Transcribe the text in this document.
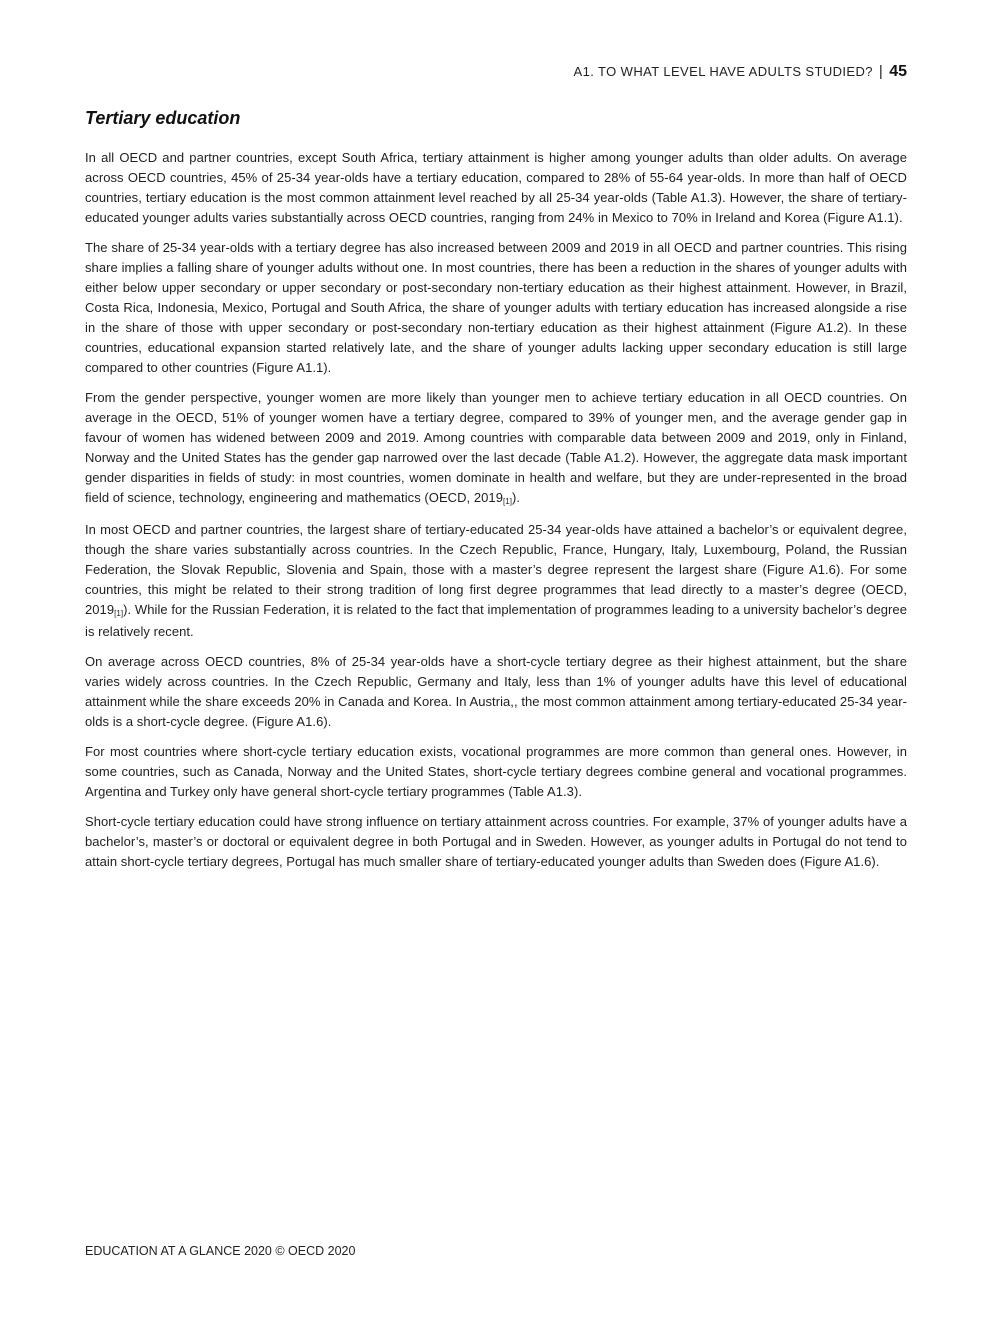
A1. TO WHAT LEVEL HAVE ADULTS STUDIED? | 45
Tertiary education

In all OECD and partner countries, except South Africa, tertiary attainment is higher among younger adults than older adults. On average across OECD countries, 45% of 25-34 year-olds have a tertiary education, compared to 28% of 55-64 year-olds. In more than half of OECD countries, tertiary education is the most common attainment level reached by all 25-34 year-olds (Table A1.3). However, the share of tertiary-educated younger adults varies substantially across OECD countries, ranging from 24% in Mexico to 70% in Ireland and Korea (Figure A1.1).

The share of 25-34 year-olds with a tertiary degree has also increased between 2009 and 2019 in all OECD and partner countries. This rising share implies a falling share of younger adults without one. In most countries, there has been a reduction in the shares of younger adults with either below upper secondary or upper secondary or post-secondary non-tertiary education as their highest attainment. However, in Brazil, Costa Rica, Indonesia, Mexico, Portugal and South Africa, the share of younger adults with tertiary education has increased alongside a rise in the share of those with upper secondary or post-secondary non-tertiary education as their highest attainment (Figure A1.2). In these countries, educational expansion started relatively late, and the share of younger adults lacking upper secondary education is still large compared to other countries (Figure A1.1).

From the gender perspective, younger women are more likely than younger men to achieve tertiary education in all OECD countries. On average in the OECD, 51% of younger women have a tertiary degree, compared to 39% of younger men, and the average gender gap in favour of women has widened between 2009 and 2019. Among countries with comparable data between 2009 and 2019, only in Finland, Norway and the United States has the gender gap narrowed over the last decade (Table A1.2). However, the aggregate data mask important gender disparities in fields of study: in most countries, women dominate in health and welfare, but they are under-represented in the broad field of science, technology, engineering and mathematics (OECD, $2019_{[1]}$).

In most OECD and partner countries, the largest share of tertiary-educated 25-34 year-olds have attained a bachelor’s or equivalent degree, though the share varies substantially across countries. In the Czech Republic, France, Hungary, Italy, Luxembourg, Poland, the Russian Federation, the Slovak Republic, Slovenia and Spain, those with a master’s degree represent the largest share (Figure A1.6). For some countries, this might be related to their strong tradition of long first degree programmes that lead directly to a master’s degree (OECD, $2019_{[1]}$). While for the Russian Federation, it is related to the fact that implementation of programmes leading to a university bachelor’s degree is relatively recent.

On average across OECD countries, 8% of 25-34 year-olds have a short-cycle tertiary degree as their highest attainment, but the share varies widely across countries. In the Czech Republic, Germany and Italy, less than 1% of younger adults have this level of educational attainment while the share exceeds 20% in Canada and Korea. In Austria,, the most common attainment among tertiary-educated 25-34 year-olds is a short-cycle degree. (Figure A1.6).

For most countries where short-cycle tertiary education exists, vocational programmes are more common than general ones. However, in some countries, such as Canada, Norway and the United States, short-cycle tertiary degrees combine general and vocational programmes. Argentina and Turkey only have general short-cycle tertiary programmes (Table A1.3).

Short-cycle tertiary education could have strong influence on tertiary attainment across countries. For example, 37% of younger adults have a bachelor’s, master’s or doctoral or equivalent degree in both Portugal and in Sweden. However, as younger adults in Portugal do not tend to attain short-cycle tertiary degrees, Portugal has much smaller share of tertiary-educated younger adults than Sweden does (Figure A1.6).

EDUCATION AT A GLANCE 2020 © OECD 2020
